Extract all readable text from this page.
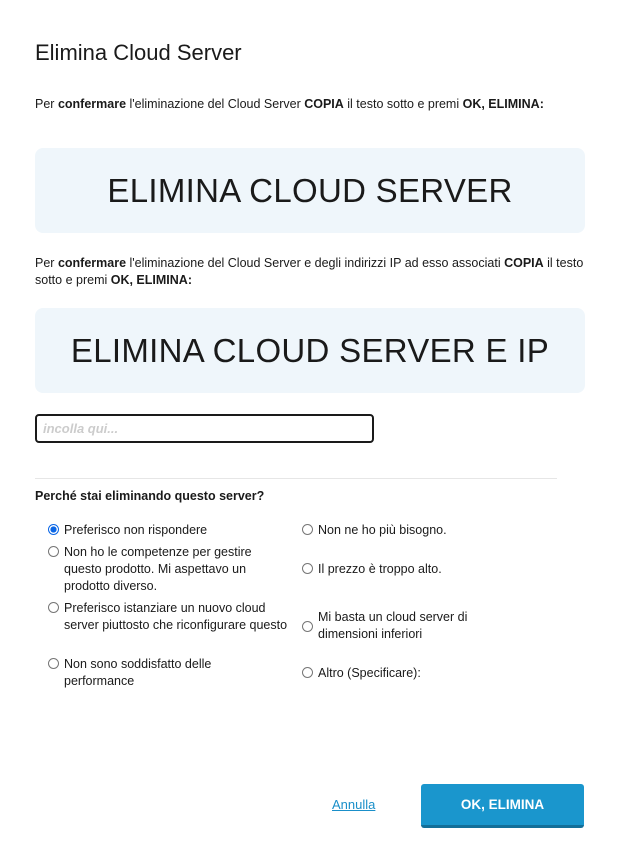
Elimina Cloud Server
Per confermare l'eliminazione del Cloud Server COPIA il testo sotto e premi OK, ELIMINA:
ELIMINA CLOUD SERVER
Per confermare l'eliminazione del Cloud Server e degli indirizzi IP ad esso associati COPIA il testo sotto e premi OK, ELIMINA:
ELIMINA CLOUD SERVER E IP
incolla qui...
Perché stai eliminando questo server?
Preferisco non rispondere
Non ho le competenze per gestire questo prodotto. Mi aspettavo un prodotto diverso.
Preferisco istanziare un nuovo cloud server piuttosto che riconfigurare questo
Non sono soddisfatto delle performance
Non ne ho più bisogno.
Il prezzo è troppo alto.
Mi basta un cloud server di dimensioni inferiori
Altro (Specificare):
Annulla	OK, ELIMINA
